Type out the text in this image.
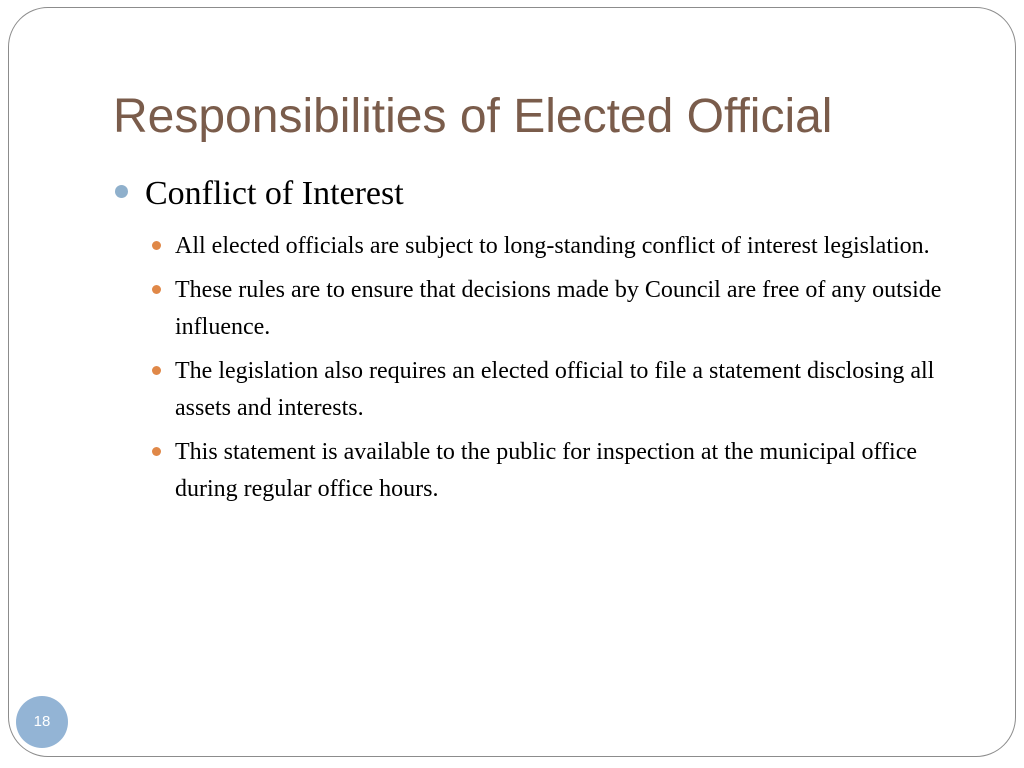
Responsibilities of Elected Official
Conflict of Interest
All elected officials are subject to long-standing conflict of interest legislation.
These rules are to ensure that decisions made by Council are free of any outside influence.
The legislation also requires an elected official to file a statement disclosing all assets and interests.
This statement is available to the public for inspection at the municipal office during regular office hours.
18
